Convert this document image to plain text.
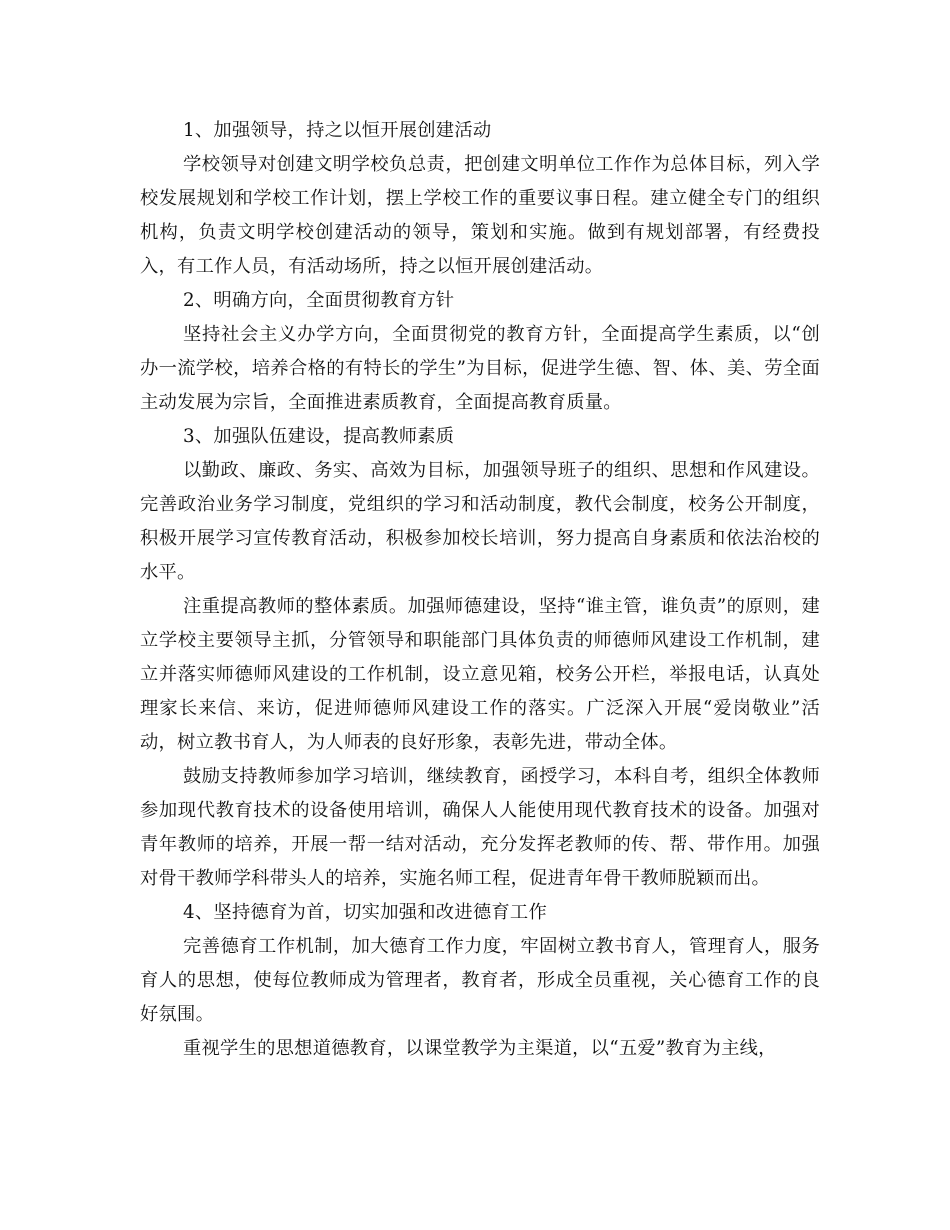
1、加强领导，持之以恒开展创建活动

学校领导对创建文明学校负总责，把创建文明单位工作作为总体目标，列入学校发展规划和学校工作计划，摆上学校工作的重要议事日程。建立健全专门的组织机构，负责文明学校创建活动的领导，策划和实施。做到有规划部署，有经费投入，有工作人员，有活动场所，持之以恒开展创建活动。

2、明确方向，全面贯彻教育方针

坚持社会主义办学方向，全面贯彻党的教育方针，全面提高学生素质，以“创办一流学校，培养合格的有特长的学生”为目标，促进学生德、智、体、美、劳全面主动发展为宗旨，全面推进素质教育，全面提高教育质量。

3、加强队伍建设，提高教师素质

以勤政、廉政、务实、高效为目标，加强领导班子的组织、思想和作风建设。完善政治业务学习制度，党组织的学习和活动制度，教代会制度，校务公开制度，积极开展学习宣传教育活动，积极参加校长培训，努力提高自身素质和依法治校的水平。

注重提高教师的整体素质。加强师德建设，坚持“谁主管，谁负责”的原则，建立学校主要领导主抓，分管领导和职能部门具体负责的师德师风建设工作机制，建立并落实师德师风建设的工作机制，设立意见箱，校务公开栏，举报电话，认真处理家长来信、来访，促进师德师风建设工作的落实。广泛深入开展“爱岗敬业”活动，树立教书育人，为人师表的良好形象，表彰先进，带动全体。

鼓励支持教师参加学习培训，继续教育，函授学习，本科自考，组织全体教师参加现代教育技术的设备使用培训，确保人人能使用现代教育技术的设备。加强对青年教师的培养，开展一帮一结对活动，充分发挥老教师的传、帮、带作用。加强对骨干教师学科带头人的培养，实施名师工程，促进青年骨干教师脱颖而出。

4、坚持德育为首，切实加强和改进德育工作

完善德育工作机制，加大德育工作力度，牢固树立教书育人，管理育人，服务育人的思想，使每位教师成为管理者，教育者，形成全员重视，关心德育工作的良好氛围。

重视学生的思想道德教育，以课堂教学为主渠道，以“五爱”教育为主线，
